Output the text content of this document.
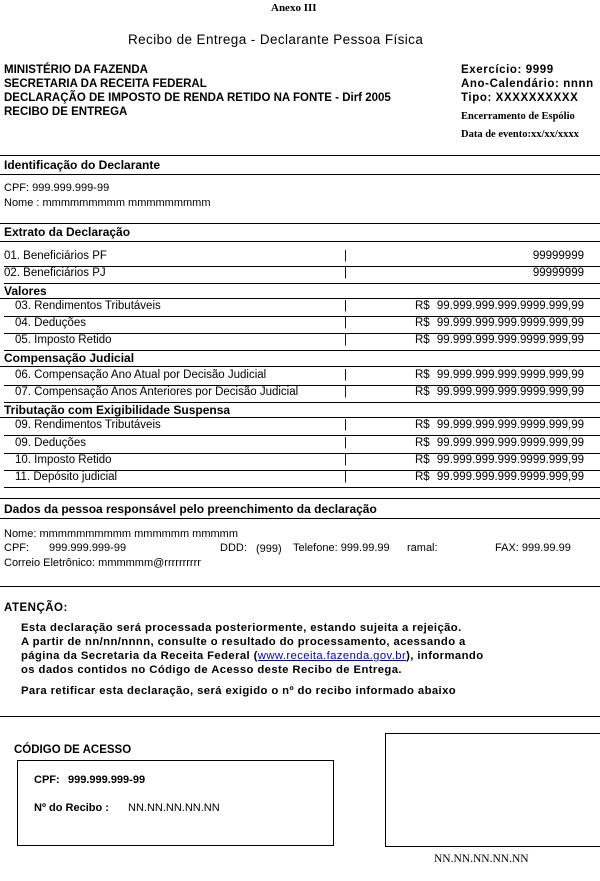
Anexo III
Recibo de Entrega - Declarante Pessoa Física
MINISTÉRIO DA FAZENDA
SECRETARIA DA RECEITA FEDERAL
DECLARAÇÃO DE IMPOSTO DE RENDA RETIDO NA FONTE - Dirf 2005
RECIBO DE ENTREGA
Exercício: 9999
Ano-Calendário: nnnn
Tipo: XXXXXXXXXX
Encerramento de Espólio
Data de evento:xx/xx/xxxx
Identificação do Declarante
CPF: 999.999.999-99
Nome : mmmmmmmmm mmmmmmmmm
Extrato da Declaração
01. Beneficiários PF	|	99999999
02. Beneficiários PJ	|	99999999
Valores
03. Rendimentos Tributáveis	|	R$ 99.999.999.999.9999.999,99
04. Deduções	|	R$ 99.999.999.999.9999.999,99
05. Imposto Retido	|	R$ 99.999.999.999.9999.999,99
Compensação Judicial
06. Compensação Ano Atual por Decisão Judicial	|	R$ 99.999.999.999.9999.999,99
07. Compensação Anos Anteriores por Decisão Judicial	|	R$ 99.999.999.999.9999.999,99
Tributação com Exigibilidade Suspensa
09. Rendimentos Tributáveis	|	R$ 99.999.999.999.9999.999,99
09. Deduções	|	R$ 99.999.999.999.9999.999,99
10. Imposto Retido	|	R$ 99.999.999.999.9999.999,99
11. Depósito judicial	|	R$ 99.999.999.999.9999.999,99
Dados da pessoa responsável pelo preenchimento da declaração
Nome: mmmmmmmmmm mmmmmm mmmmm
CPF: 999.999.999-99	DDD: (999) Telefone: 999.99.99 ramal:	FAX: 999.99.99
Correio Eletrônico: mmmmmm@rrrrrrrrrr
ATENÇÃO:
Esta declaração será processada posteriormente, estando sujeita a rejeição.
A partir de nn/nn/nnnn, consulte o resultado do processamento, acessando a
página da Secretaria da Receita Federal (www.receita.fazenda.gov.br), informando
os dados contidos no Código de Acesso deste Recibo de Entrega.
Para retificar esta declaração, será exigido o nº do recibo informado abaixo
CÓDIGO DE ACESSO
CPF: 999.999.999-99
Nº do Recibo : NN.NN.NN.NN.NN
NN.NN.NN.NN.NN
